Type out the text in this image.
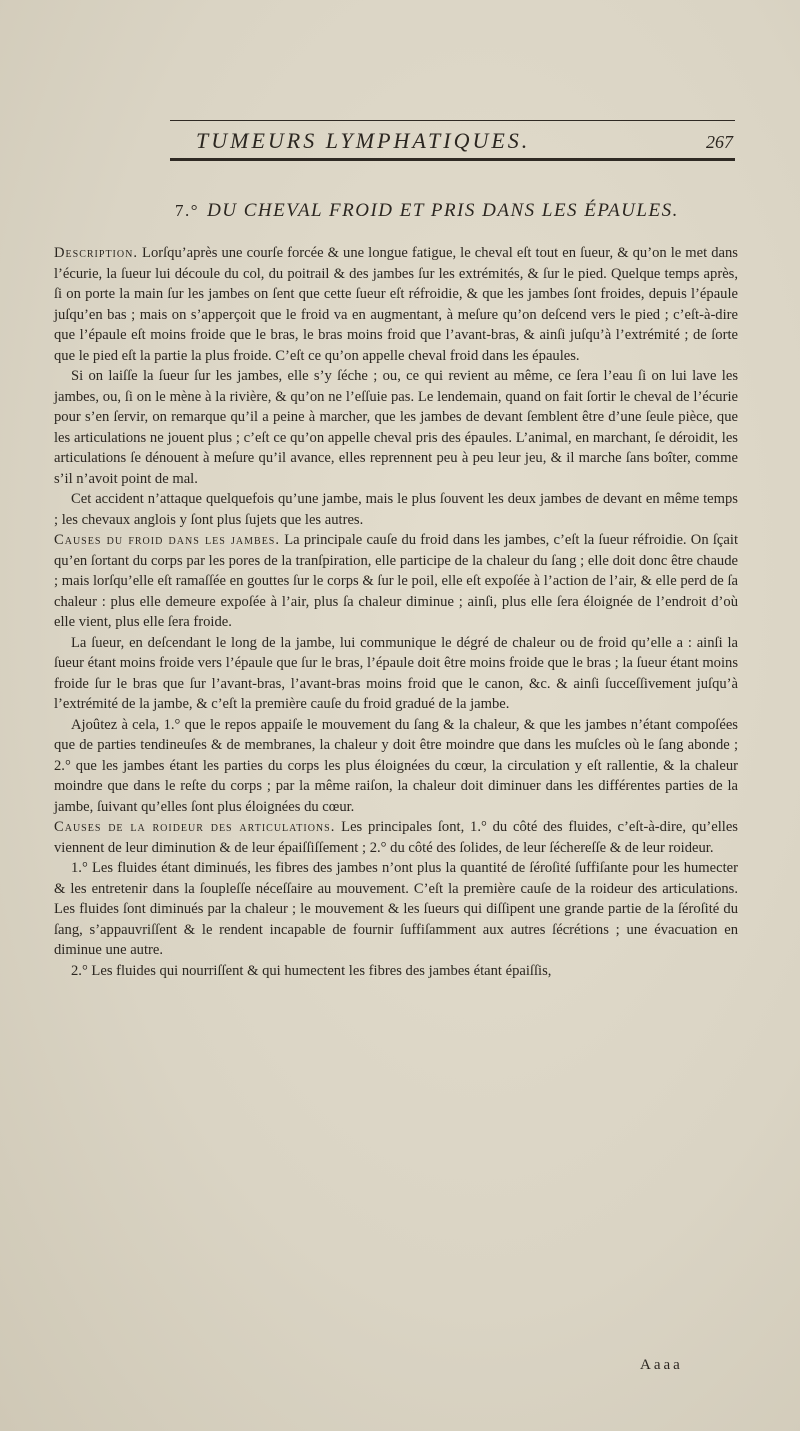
TUMEURS LYMPHATIQUES.	267
7.° DU CHEVAL FROID ET PRIS DANS LES ÉPAULES.

Description. Lorſqu’après une courſe forcée & une longue fatigue, le cheval eſt tout en ſueur, & qu’on le met dans l’écurie, la ſueur lui découle du col, du poitrail & des jambes ſur les extrémités, & ſur le pied. Quelque temps après, ſi on porte la main ſur les jambes on ſent que cette ſueur eſt réfroidie, & que les jambes ſont froides, depuis l’épaule juſqu’en bas ; mais on s’apperçoit que le froid va en augmentant, à meſure qu’on deſcend vers le pied ; c’eſt-à-dire que l’épaule eſt moins froide que le bras, le bras moins froid que l’avant-bras, & ainſi juſqu’à l’extrémité ; de ſorte que le pied eſt la partie la plus froide. C’eſt ce qu’on appelle cheval froid dans les épaules.

Si on laiſſe la ſueur ſur les jambes, elle s’y ſéche ; ou, ce qui revient au même, ce ſera l’eau ſi on lui lave les jambes, ou, ſi on le mène à la rivière, & qu’on ne l’eſſuie pas. Le lendemain, quand on fait ſortir le cheval de l’écurie pour s’en ſervir, on remarque qu’il a peine à marcher, que les jambes de devant ſemblent être d’une ſeule pièce, que les articulations ne jouent plus ; c’eſt ce qu’on appelle cheval pris des épaules. L’animal, en marchant, ſe déroidit, les articulations ſe dénouent à meſure qu’il avance, elles reprennent peu à peu leur jeu, & il marche ſans boîter, comme s’il n’avoit point de mal.

Cet accident n’attaque quelquefois qu’une jambe, mais le plus ſouvent les deux jambes de devant en même temps ; les chevaux anglois y ſont plus ſujets que les autres.

Causes du froid dans les jambes. La principale cauſe du froid dans les jambes, c’eſt la ſueur réfroidie. On ſçait qu’en ſortant du corps par les pores de la tranſpiration, elle participe de la chaleur du ſang ; elle doit donc être chaude ; mais lorſqu’elle eſt ramaſſée en gouttes ſur le corps & ſur le poil, elle eſt expoſée à l’action de l’air, & elle perd de ſa chaleur : plus elle demeure expoſée à l’air, plus ſa chaleur diminue ; ainſi, plus elle ſera éloignée de l’endroit d’où elle vient, plus elle ſera froide.

La ſueur, en deſcendant le long de la jambe, lui communique le dégré de chaleur ou de froid qu’elle a : ainſi la ſueur étant moins froide vers l’épaule que ſur le bras, l’épaule doit être moins froide que le bras ; la ſueur étant moins froide ſur le bras que ſur l’avant-bras, l’avant-bras moins froid que le canon, &c. & ainſi ſucceſſivement juſqu’à l’extrémité de la jambe, & c’eſt la première cauſe du froid gradué de la jambe.

Ajoûtez à cela, 1.° que le repos appaiſe le mouvement du ſang & la chaleur, & que les jambes n’étant compoſées que de parties tendineuſes & de membranes, la chaleur y doit être moindre que dans les muſcles où le ſang abonde ; 2.° que les jambes étant les parties du corps les plus éloignées du cœur, la circulation y eſt rallentie, & la chaleur moindre que dans le reſte du corps ; par la même raiſon, la chaleur doit diminuer dans les différentes parties de la jambe, ſuivant qu’elles ſont plus éloignées du cœur.

Causes de la roideur des articulations. Les principales ſont, 1.° du côté des fluides, c’eſt-à-dire, qu’elles viennent de leur diminution & de leur épaiſſiſſement ; 2.° du côté des ſolides, de leur ſéchereſſe & de leur roideur.

1.° Les fluides étant diminués, les fibres des jambes n’ont plus la quantité de ſéroſité ſuffiſante pour les humecter & les entretenir dans la ſoupleſſe néceſſaire au mouvement. C’eſt la première cauſe de la roideur des articulations. Les fluides ſont diminués par la chaleur ; le mouvement & les ſueurs qui diſſipent une grande partie de la ſéroſité du ſang, s’appauvriſſent & le rendent incapable de fournir ſuffiſamment aux autres ſécrétions ; une évacuation en diminue une autre.

2.° Les fluides qui nourriſſent & qui humectent les fibres des jambes étant épaiſſis,

Aaaa
